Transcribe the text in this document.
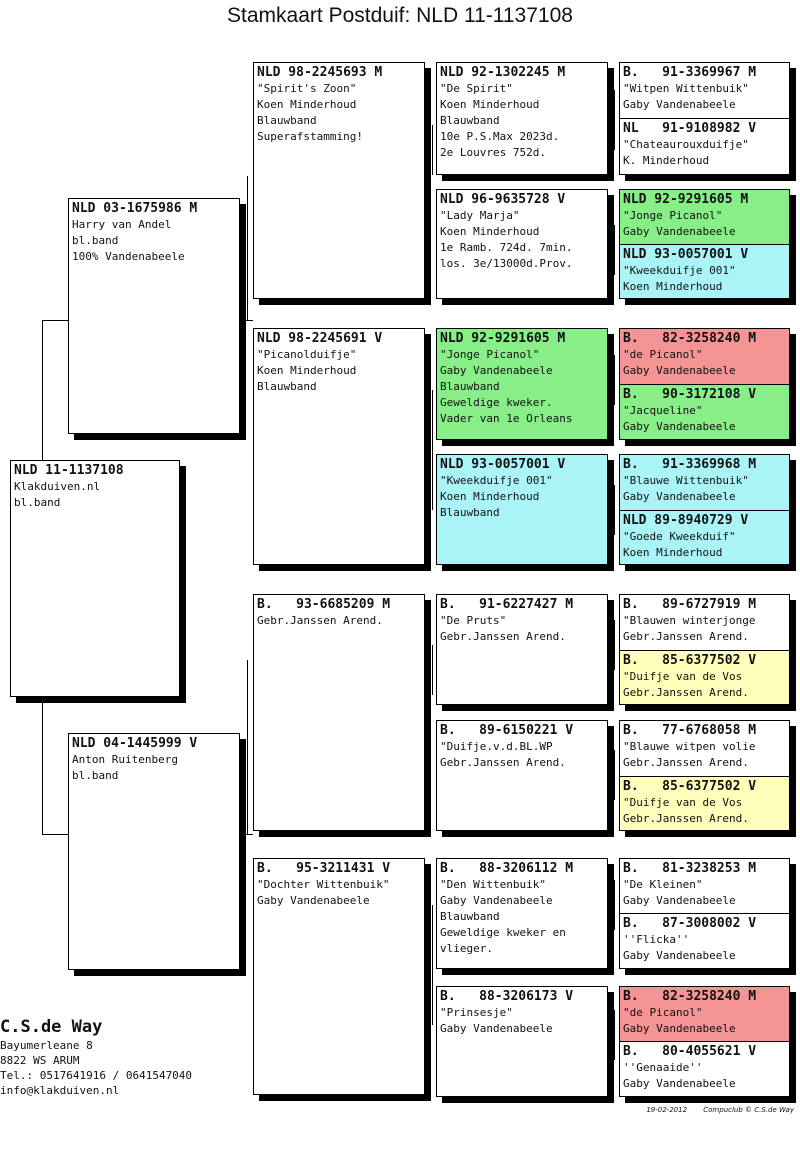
Stamkaart Postduif: NLD 11-1137108
NLD 11-1137108
Klakduiven.nl
bl.band
NLD 03-1675986 M
Harry van Andel
bl.band
100% Vandenabeele
NLD 04-1445999 V
Anton Ruitenberg
bl.band
NLD 98-2245693 M
"Spirit's Zoon"
Koen Minderhoud
Blauwband
Superafstamming!
NLD 98-2245691 V
"Picanolduifje"
Koen Minderhoud
Blauwband
B.   93-6685209 M
Gebr.Janssen Arend.
B.   95-3211431 V
"Dochter Wittenbuik"
Gaby Vandenabeele
NLD 92-1302245 M
"De Spirit"
Koen Minderhoud
Blauwband
10e P.S.Max 2023d.
2e Louvres 752d.
NLD 96-9635728 V
"Lady Marja"
Koen Minderhoud
1e Ramb. 724d. 7min.
los. 3e/13000d.Prov.
NLD 92-9291605 M
"Jonge Picanol"
Gaby Vandenabeele
Blauwband
Geweldige kweker.
Vader van 1e Orleans
NLD 93-0057001 V
"Kweekduifje 001"
Koen Minderhoud
Blauwband
B.   91-6227427 M
"De Pruts"
Gebr.Janssen Arend.
B.   89-6150221 V
"Duifje.v.d.BL.WP
Gebr.Janssen Arend.
B.   88-3206112 M
"Den Wittenbuik"
Gaby Vandenabeele
Blauwband
Geweldige kweker en
vlieger.
B.   88-3206173 V
"Prinsesje"
Gaby Vandenabeele
B.   91-3369967 M
"Witpen Wittenbuik"
Gaby Vandenabeele
NL   91-9108982 V
"Chateaurouxduifje"
K. Minderhoud
NLD 92-9291605 M
"Jonge Picanol"
Gaby Vandenabeele
NLD 93-0057001 V
"Kweekduifje 001"
Koen Minderhoud
B.   82-3258240 M
"de Picanol"
Gaby Vandenabeele
B.   90-3172108 V
"Jacqueline"
Gaby Vandenabeele
B.   91-3369968 M
"Blauwe Wittenbuik"
Gaby Vandenabeele
NLD 89-8940729 V
"Goede Kweekduif"
Koen Minderhoud
B.   89-6727919 M
"Blauwen winterjonge
Gebr.Janssen Arend.
B.   85-6377502 V
"Duifje van de Vos
Gebr.Janssen Arend.
B.   77-6768058 M
"Blauwe witpen volie
Gebr.Janssen Arend.
B.   85-6377502 V
"Duifje van de Vos
Gebr.Janssen Arend.
B.   81-3238253 M
"De Kleinen"
Gaby Vandenabeele
B.   87-3008002 V
''Flicka''
Gaby Vandenabeele
B.   82-3258240 M
"de Picanol"
Gaby Vandenabeele
B.   80-4055621 V
''Genaaide''
Gaby Vandenabeele
C.S.de Way
Bayumerleane 8
8822 WS ARUM
Tel.: 0517641916 / 0641547040
info@klakduiven.nl
19-02-2012 Compuclub © C.S.de Way
